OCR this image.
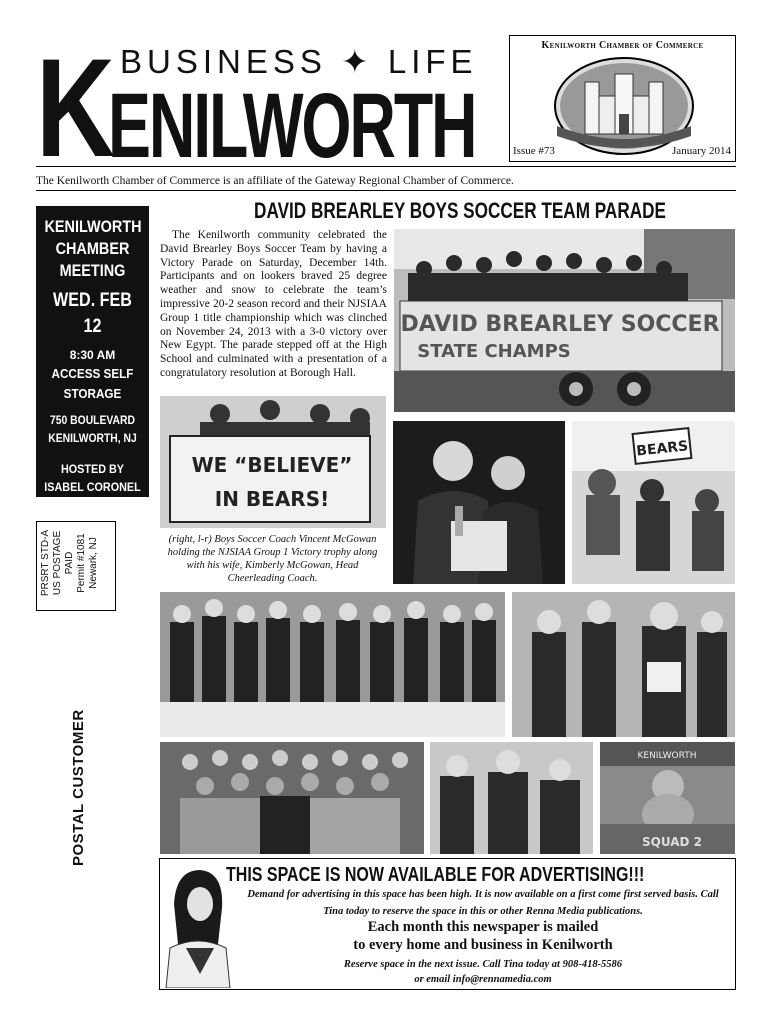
K BUSINESS ✦ LIFE
ENILWORTH
Kenilworth Chamber of Commerce
Issue #73	January 2014
The Kenilworth Chamber of Commerce is an affiliate of the Gateway Regional Chamber of Commerce.
KENILWORTH
CHAMBER
MEETING
WED. FEB 12
8:30 AM
ACCESS SELF
STORAGE
750 BOULEVARD
KENILWORTH, NJ
HOSTED BY
ISABEL CORONEL
PRSRT STD-A US POSTAGE PAID Permit #1081 Newark, NJ
POSTAL CUSTOMER
DAVID BREARLEY BOYS SOCCER TEAM PARADE
The Kenilworth community celebrated the David Brearley Boys Soccer Team by having a Victory Parade on Saturday, December 14th. Participants and on lookers braved 25 degree weather and snow to celebrate the team’s impressive 20-2 season record and their NJSIAA Group 1 title championship which was clinched on November 24, 2013 with a 3-0 victory over New Egypt. The parade stepped off at the High School and culminated with a presentation of a congratulatory resolution at Borough Hall.
DAVID BREARLEY SOCCER
STATE CHAMPS
WE “BELIEVE”
IN BEARS!
BEARS
(right, l-r) Boys Soccer Coach Vincent McGowan holding the NJSIAA Group 1 Victory trophy along with his wife, Kimberly McGowan, Head Cheerleading Coach.
KENILWORTH
SQUAD 2
THIS SPACE IS NOW AVAILABLE FOR ADVERTISING!!!
Demand for advertising in this space has been high. It is now available on a first come first served basis. Call Tina today to reserve the space in this or other Renna Media publications.
Each month this newspaper is mailed
to every home and business in Kenilworth
Reserve space in the next issue. Call Tina today at 908-418-5586
or email info@rennamedia.com
